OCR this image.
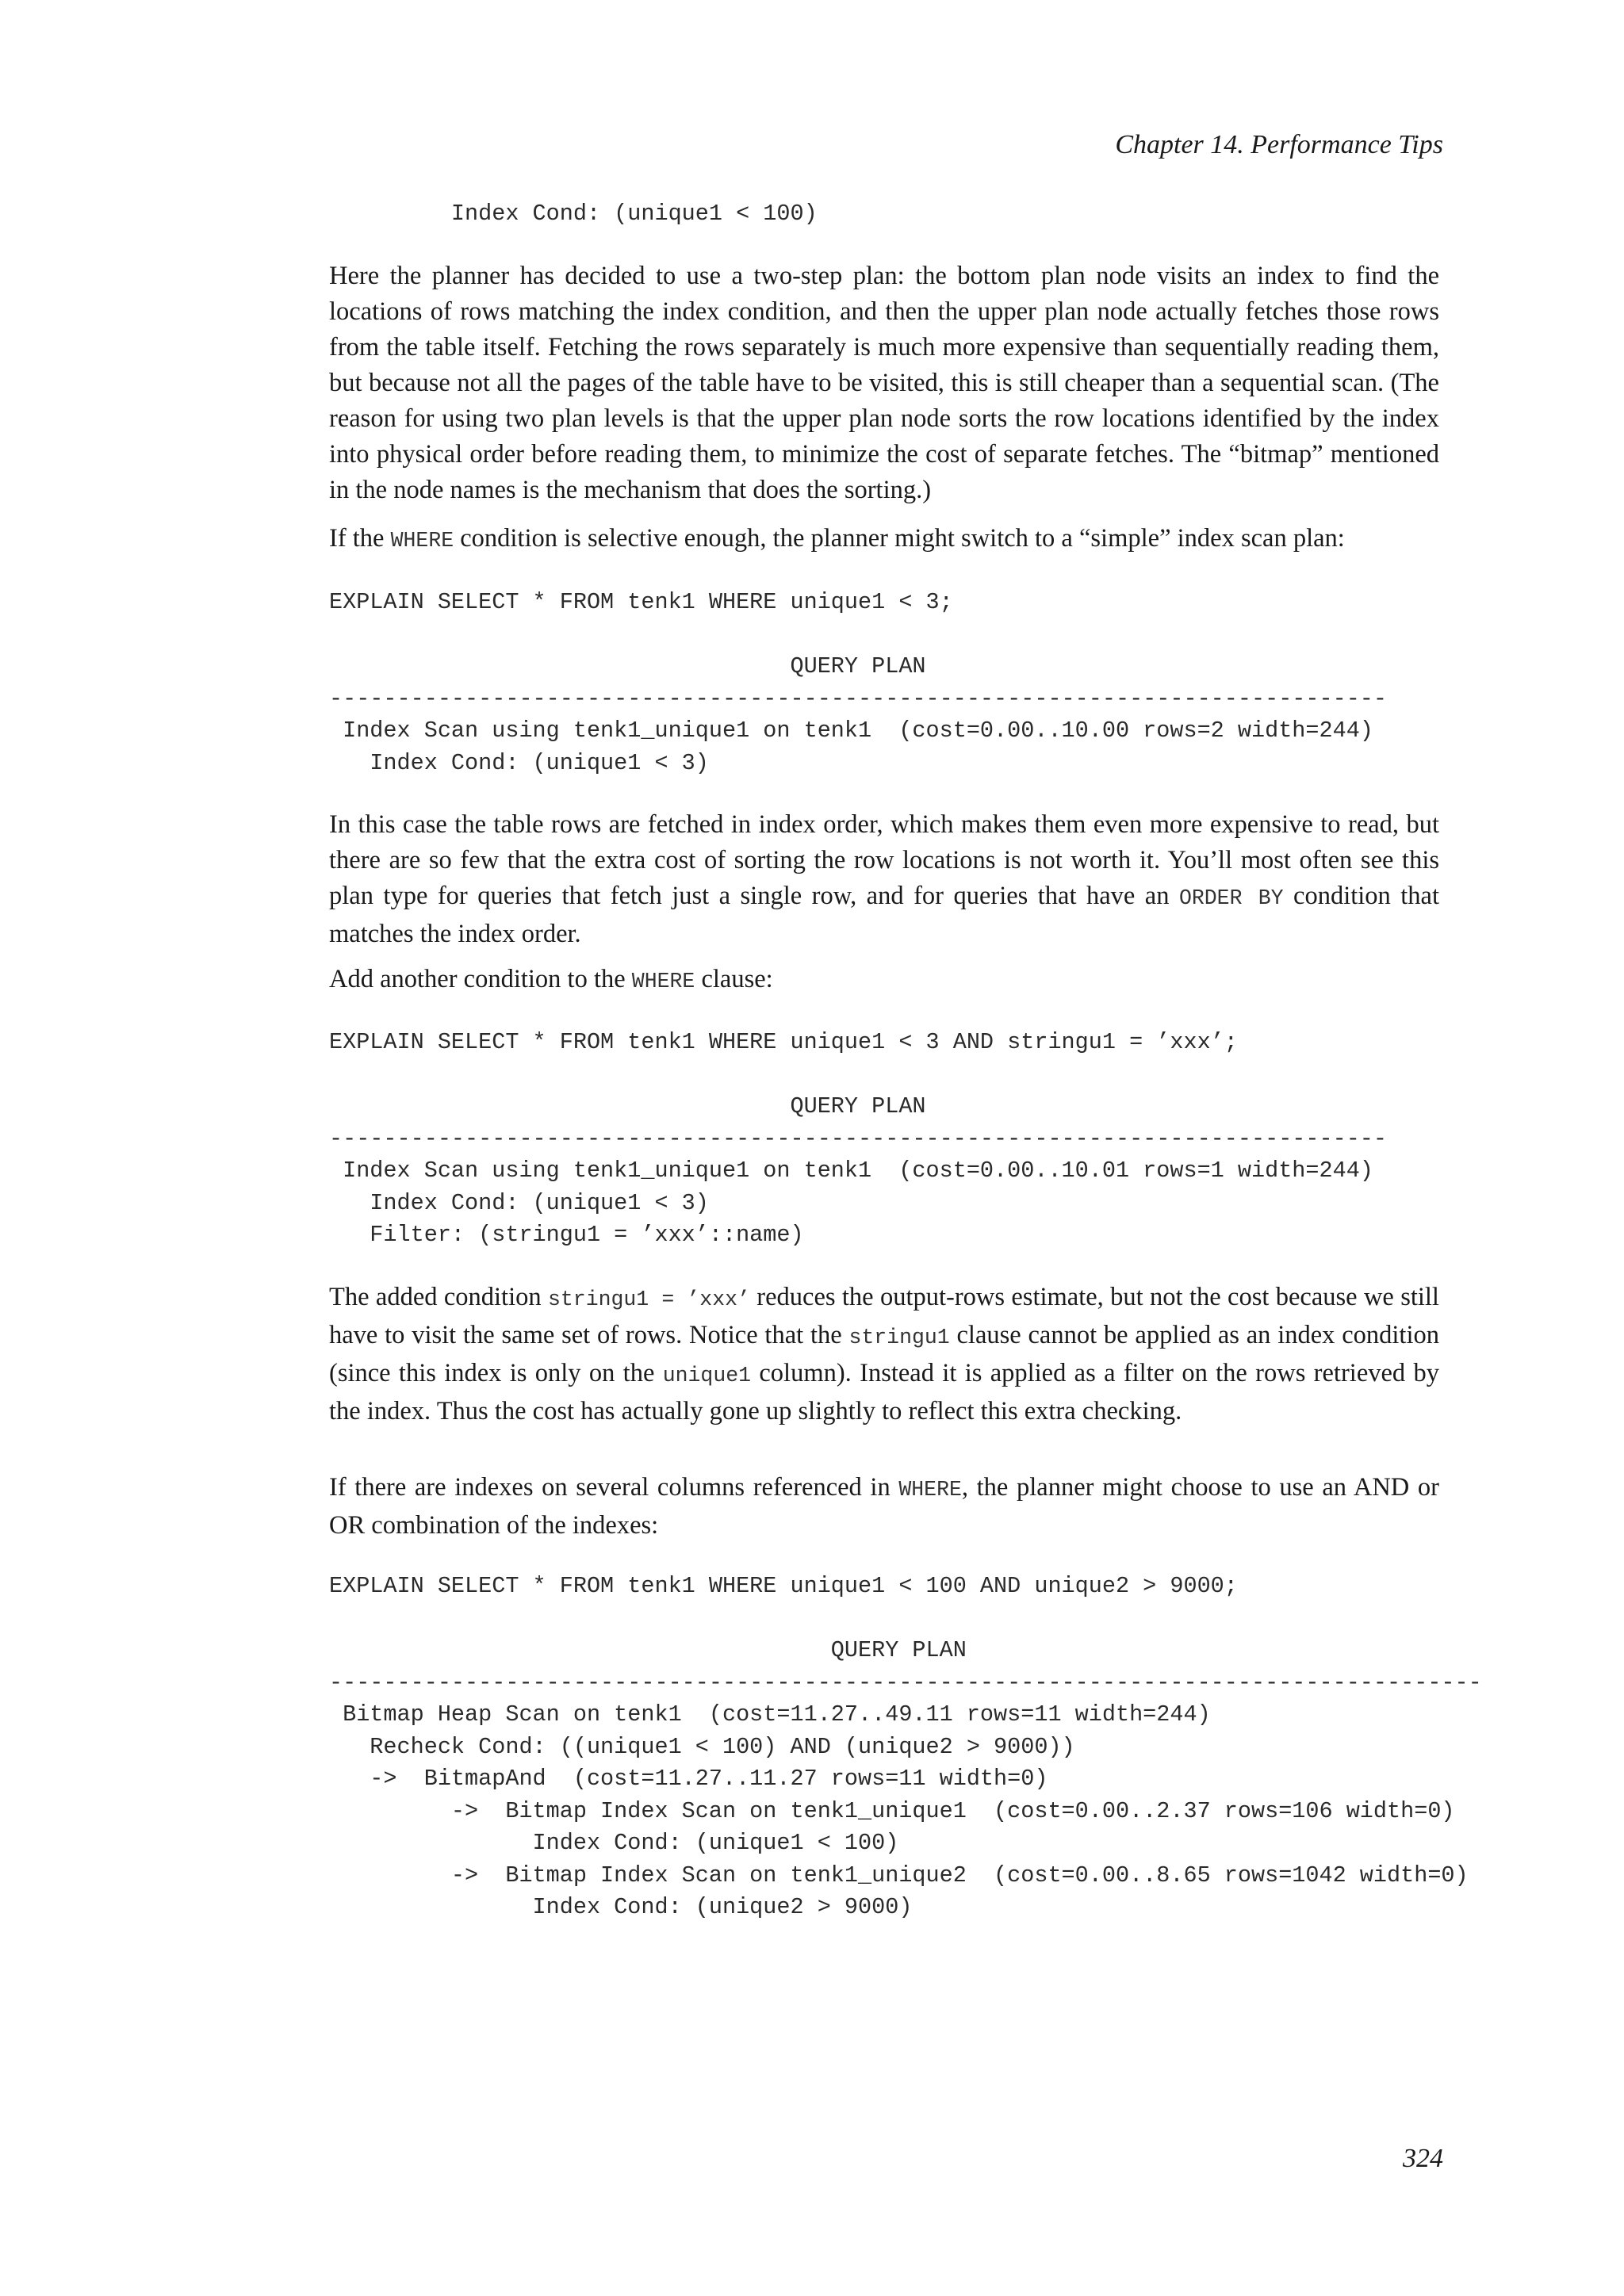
Chapter 14. Performance Tips
Index Cond: (unique1 < 100)

Here the planner has decided to use a two-step plan: the bottom plan node visits an index to find the locations of rows matching the index condition, and then the upper plan node actually fetches those rows from the table itself. Fetching the rows separately is much more expensive than sequentially reading them, but because not all the pages of the table have to be visited, this is still cheaper than a sequential scan. (The reason for using two plan levels is that the upper plan node sorts the row locations identified by the index into physical order before reading them, to minimize the cost of separate fetches. The “bitmap” mentioned in the node names is the mechanism that does the sorting.)

If the WHERE condition is selective enough, the planner might switch to a “simple” index scan plan:

EXPLAIN SELECT * FROM tenk1 WHERE unique1 < 3;
QUERY PLAN
------------------------------------------------------------------------------
Index Scan using tenk1_unique1 on tenk1  (cost=0.00..10.00 rows=2 width=244)
Index Cond: (unique1 < 3)

In this case the table rows are fetched in index order, which makes them even more expensive to read, but there are so few that the extra cost of sorting the row locations is not worth it. You’ll most often see this plan type for queries that fetch just a single row, and for queries that have an ORDER BY condition that matches the index order.

Add another condition to the WHERE clause:

EXPLAIN SELECT * FROM tenk1 WHERE unique1 < 3 AND stringu1 = ’xxx’;
QUERY PLAN
------------------------------------------------------------------------------
Index Scan using tenk1_unique1 on tenk1  (cost=0.00..10.01 rows=1 width=244)
Index Cond: (unique1 < 3)
Filter: (stringu1 = ’xxx’::name)

The added condition stringu1 = ’xxx’ reduces the output-rows estimate, but not the cost because we still have to visit the same set of rows. Notice that the stringu1 clause cannot be applied as an index condition (since this index is only on the unique1 column). Instead it is applied as a filter on the rows retrieved by the index. Thus the cost has actually gone up slightly to reflect this extra checking.

If there are indexes on several columns referenced in WHERE, the planner might choose to use an AND or OR combination of the indexes:

EXPLAIN SELECT * FROM tenk1 WHERE unique1 < 100 AND unique2 > 9000;
QUERY PLAN
-------------------------------------------------------------------------------------
Bitmap Heap Scan on tenk1  (cost=11.27..49.11 rows=11 width=244)
Recheck Cond: ((unique1 < 100) AND (unique2 > 9000))
->  BitmapAnd  (cost=11.27..11.27 rows=11 width=0)
->  Bitmap Index Scan on tenk1_unique1  (cost=0.00..2.37 rows=106 width=0)
Index Cond: (unique1 < 100)
->  Bitmap Index Scan on tenk1_unique2  (cost=0.00..8.65 rows=1042 width=0)
Index Cond: (unique2 > 9000)
324
